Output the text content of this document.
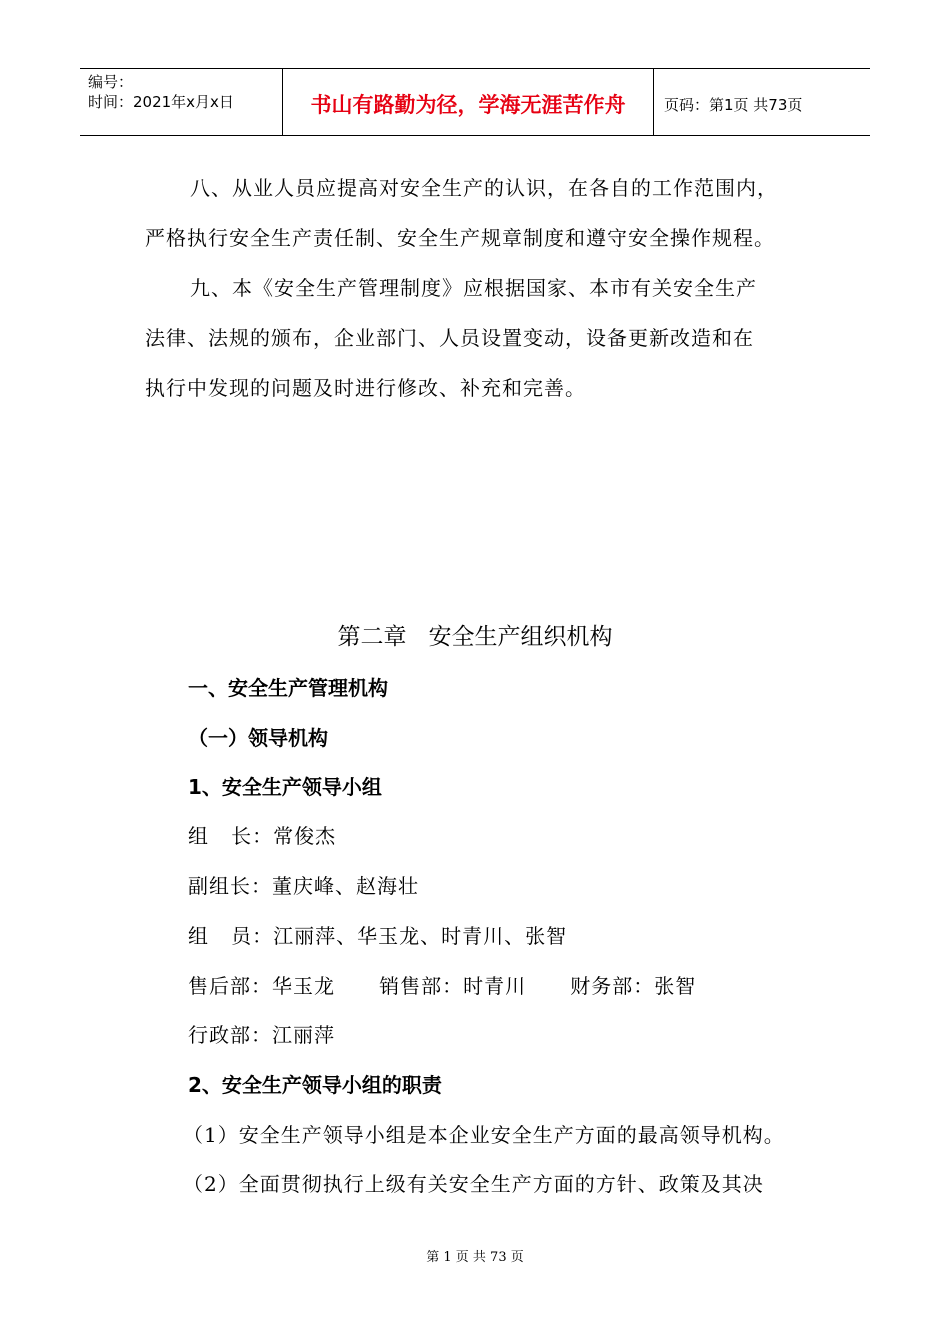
编号：
时间：2021年x月x日	书山有路勤为径，学海无涯苦作舟	页码：第1页 共73页
八、从业人员应提高对安全生产的认识，在各自的工作范围内，
严格执行安全生产责任制、安全生产规章制度和遵守安全操作规程。
九、本《安全生产管理制度》应根据国家、本市有关安全生产
法律、法规的颁布，企业部门、人员设置变动，设备更新改造和在
执行中发现的问题及时进行修改、补充和完善。
第二章   安全生产组织机构
一、安全生产管理机构
（一）领导机构
1、安全生产领导小组
组   长：常俊杰
副组长：董庆峰、赵海壮
组   员：江丽萍、华玉龙、时青川、张智
售后部：华玉龙      销售部：时青川      财务部：张智
行政部：江丽萍
2、安全生产领导小组的职责
（1）安全生产领导小组是本企业安全生产方面的最高领导机构。
（2）全面贯彻执行上级有关安全生产方面的方针、政策及其决
第 1 页 共 73 页
